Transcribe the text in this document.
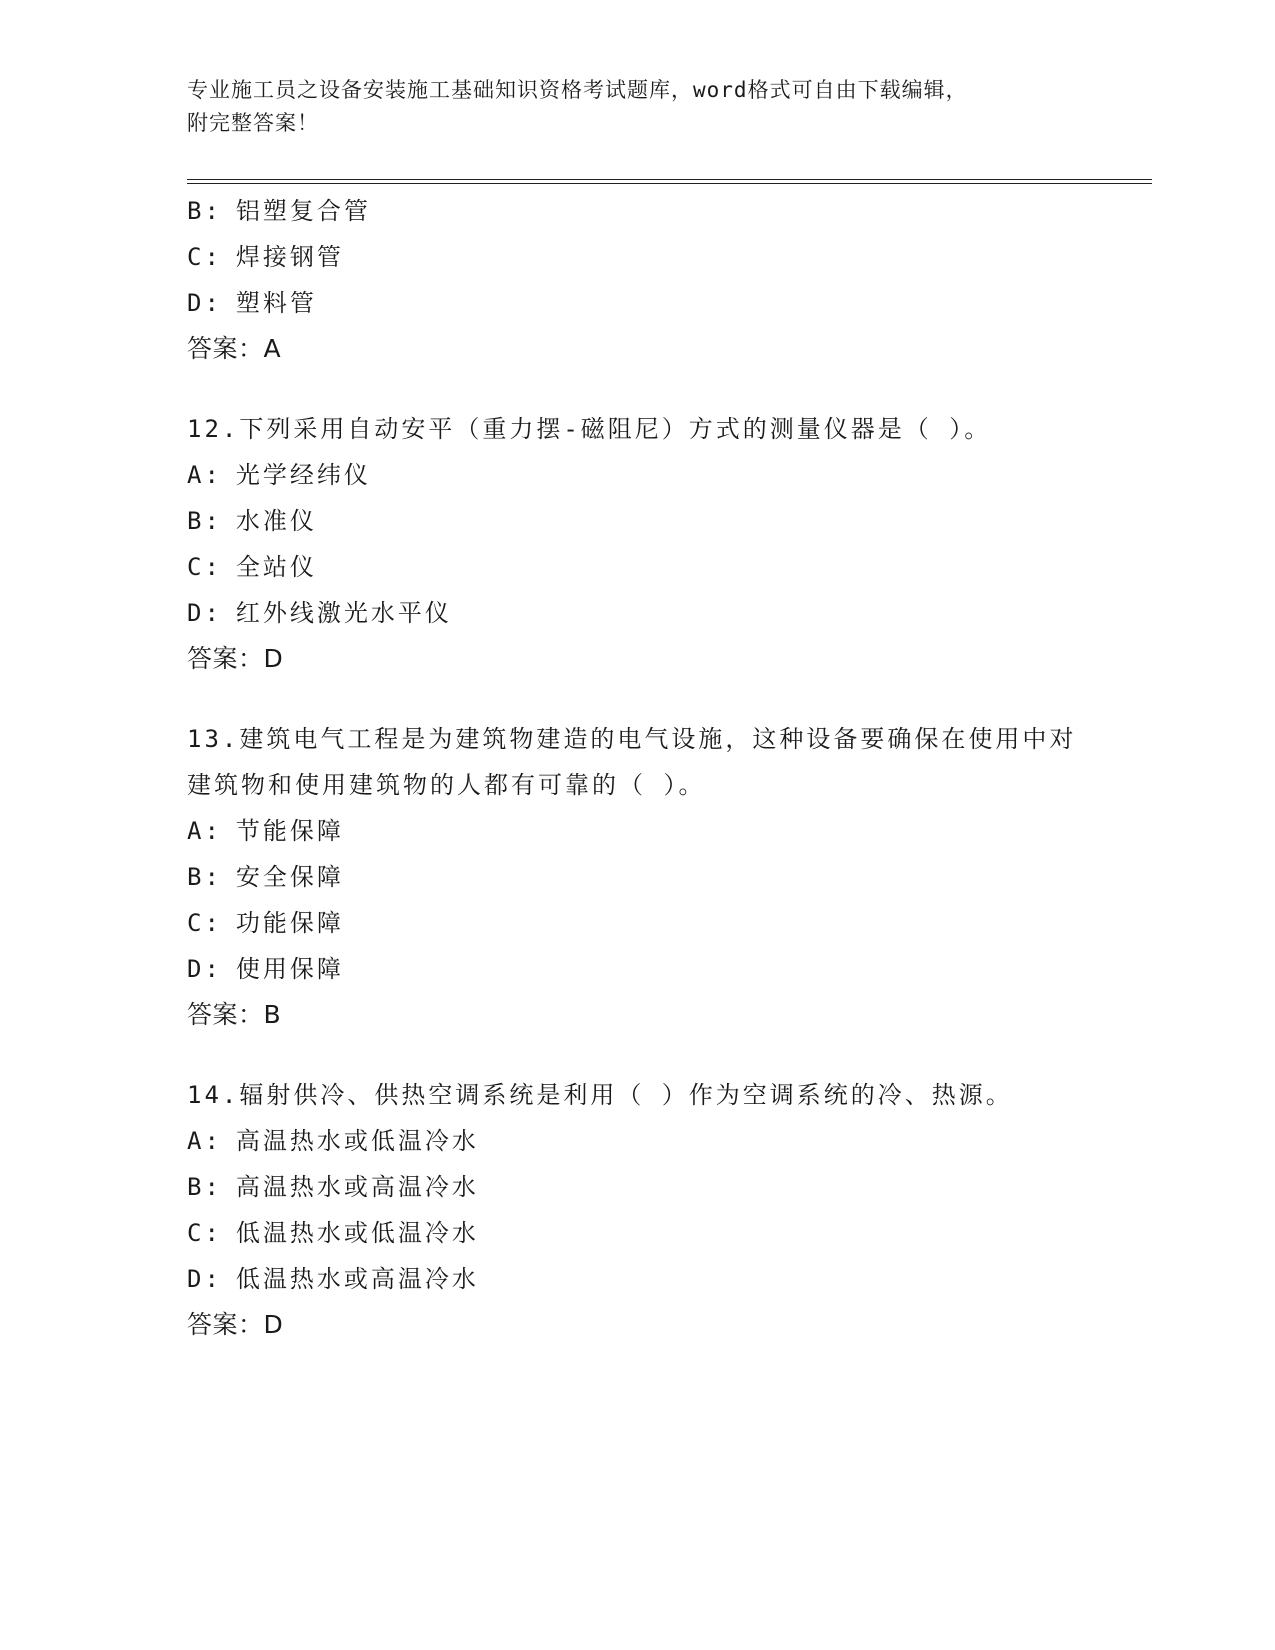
专业施工员之设备安装施工基础知识资格考试题库，word格式可自由下载编辑，
附完整答案！
B: 铝塑复合管
C: 焊接钢管
D: 塑料管
答案：A
12.下列采用自动安平（重力摆-磁阻尼）方式的测量仪器是（ ）。
A: 光学经纬仪
B: 水准仪
C: 全站仪
D: 红外线激光水平仪
答案：D
13.建筑电气工程是为建筑物建造的电气设施，这种设备要确保在使用中对建筑物和使用建筑物的人都有可靠的（ ）。
A: 节能保障
B: 安全保障
C: 功能保障
D: 使用保障
答案：B
14.辐射供冷、供热空调系统是利用（ ）作为空调系统的冷、热源。
A: 高温热水或低温冷水
B: 高温热水或高温冷水
C: 低温热水或低温冷水
D: 低温热水或高温冷水
答案：D
